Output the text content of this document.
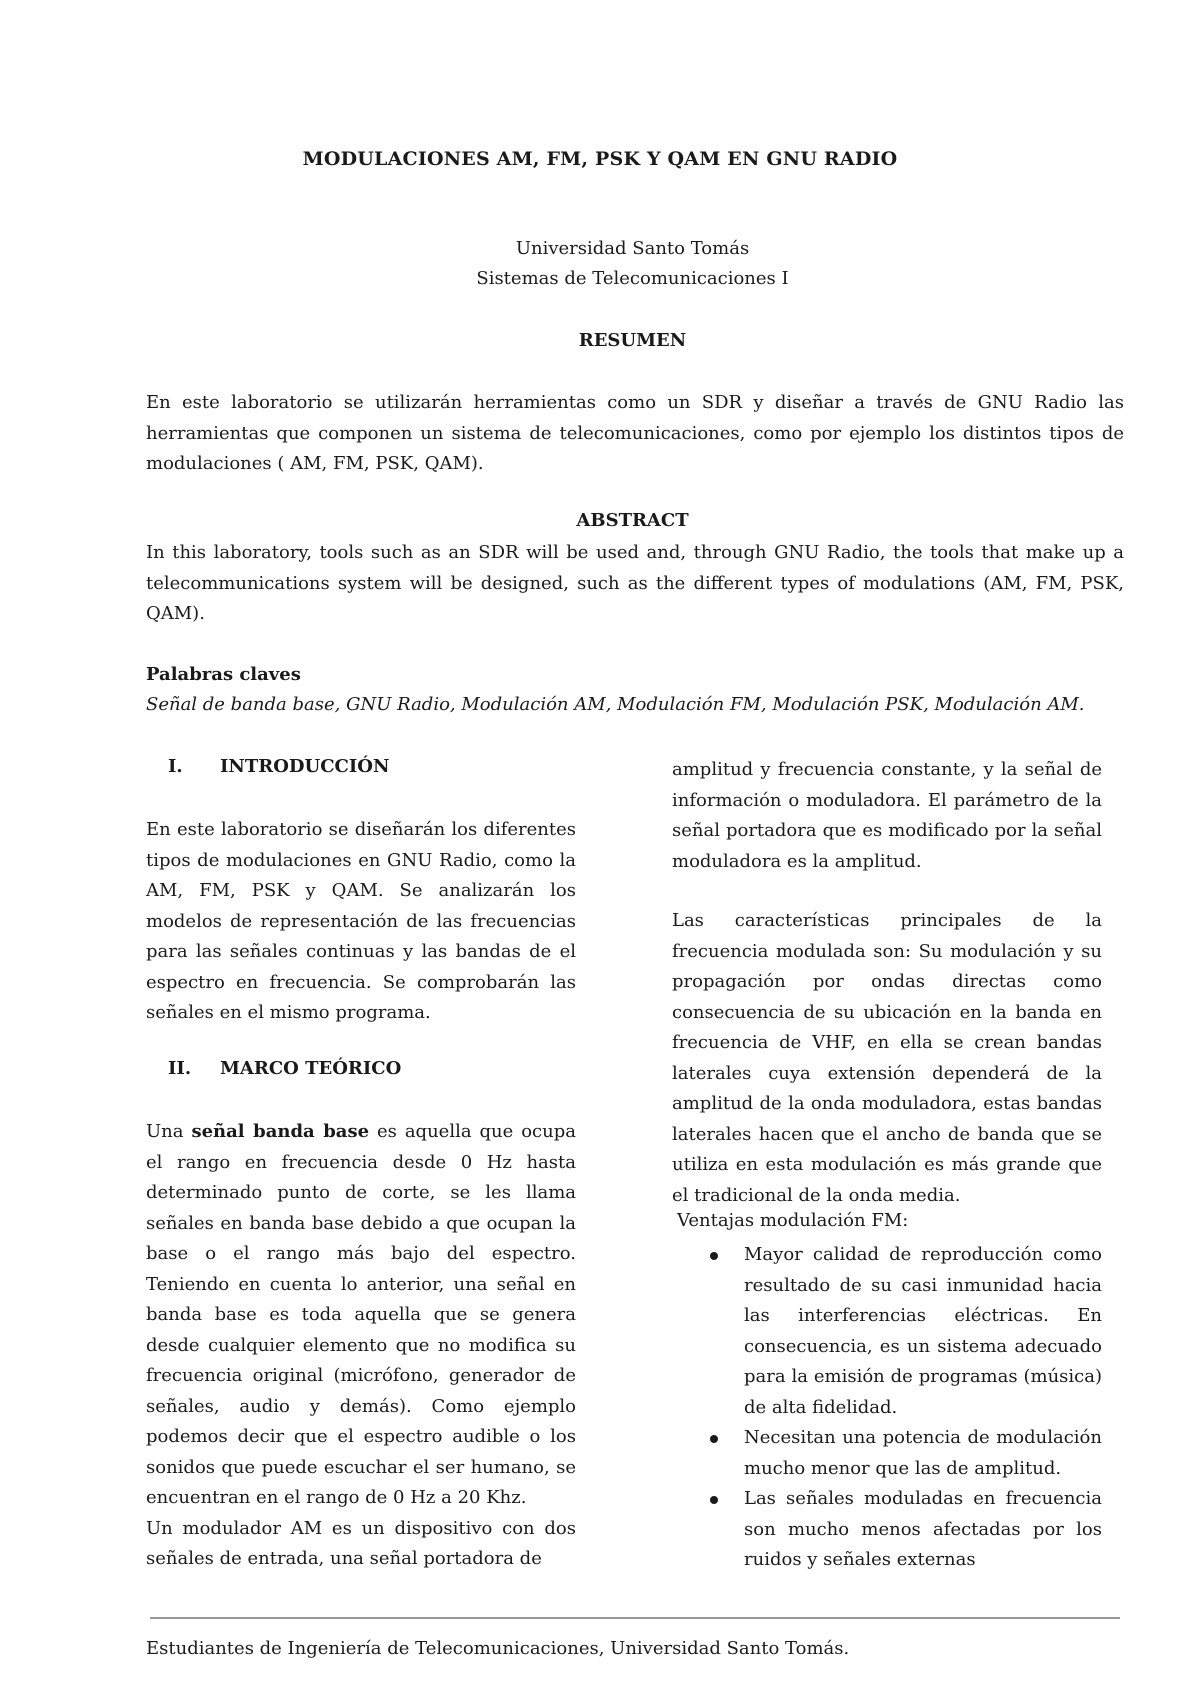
MODULACIONES AM, FM, PSK Y QAM EN GNU RADIO
Universidad Santo Tomás
Sistemas de Telecomunicaciones I
RESUMEN

En este laboratorio se utilizarán herramientas como un SDR y diseñar a través de GNU Radio las herramientas que componen un sistema de telecomunicaciones, como por ejemplo los distintos tipos de modulaciones ( AM, FM, PSK, QAM).

ABSTRACT

In this laboratory, tools such as an SDR will be used and, through GNU Radio, the tools that make up a telecommunications system will be designed, such as the different types of modulations (AM, FM, PSK, QAM).

Palabras claves
Señal de banda base, GNU Radio, Modulación AM, Modulación FM, Modulación PSK, Modulación AM.
I. INTRODUCCIÓN

En este laboratorio se diseñarán los diferentes tipos de modulaciones en GNU Radio, como la AM, FM, PSK y QAM. Se analizarán los modelos de representación de las frecuencias para las señales continuas y las bandas de el espectro en frecuencia. Se comprobarán las señales en el mismo programa.

II. MARCO TEÓRICO

Una señal banda base es aquella que ocupa el rango en frecuencia desde 0 Hz hasta determinado punto de corte, se les llama señales en banda base debido a que ocupan la base o el rango más bajo del espectro. Teniendo en cuenta lo anterior, una señal en banda base es toda aquella que se genera desde cualquier elemento que no modifica su frecuencia original (micrófono, generador de señales, audio y demás). Como ejemplo podemos decir que el espectro audible o los sonidos que puede escuchar el ser humano, se encuentran en el rango de 0 Hz a 20 Khz.

Un modulador AM es un dispositivo con dos señales de entrada, una señal portadora de

amplitud y frecuencia constante, y la señal de información o moduladora. El parámetro de la señal portadora que es modificado por la señal moduladora es la amplitud.

Las características principales de la frecuencia modulada son: Su modulación y su propagación por ondas directas como consecuencia de su ubicación en la banda en frecuencia de VHF, en ella se crean bandas laterales cuya extensión dependerá de la amplitud de la onda moduladora, estas bandas laterales hacen que el ancho de banda que se utiliza en esta modulación es más grande que el tradicional de la onda media.

Ventajas modulación FM:
Mayor calidad de reproducción como resultado de su casi inmunidad hacia las interferencias eléctricas. En consecuencia, es un sistema adecuado para la emisión de programas (música) de alta fidelidad.
Necesitan una potencia de modulación mucho menor que las de amplitud.
Las señales moduladas en frecuencia son mucho menos afectadas por los ruidos y señales externas
Estudiantes de Ingeniería de Telecomunicaciones, Universidad Santo Tomás.
